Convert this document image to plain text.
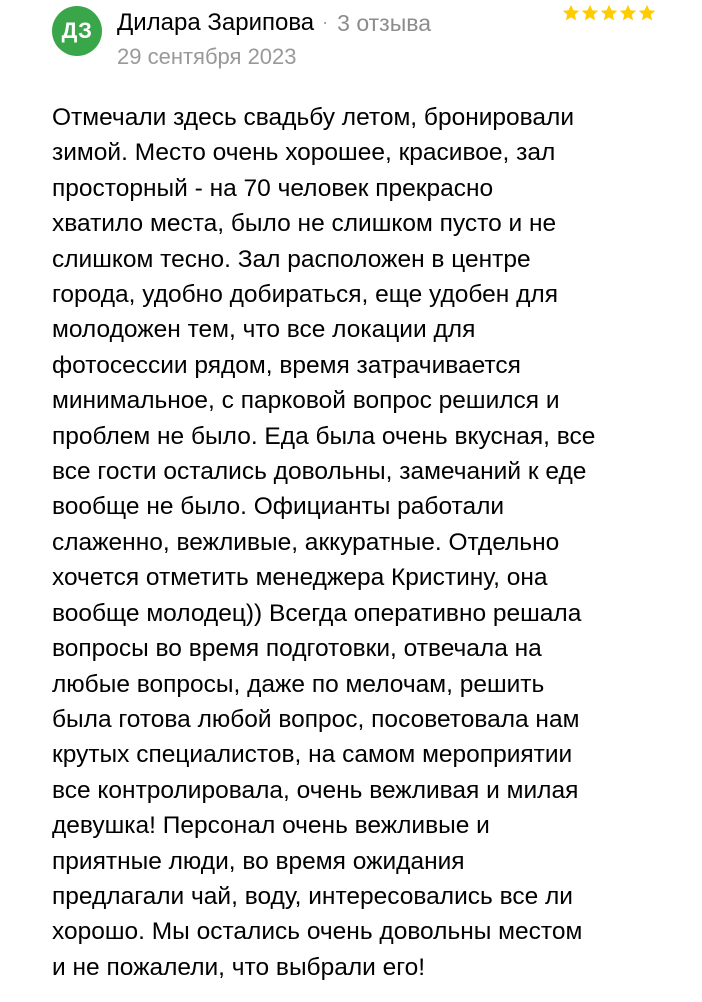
ДЗ	Дилара Зарипова · 3 отзыва
29 сентября 2023

Отмечали здесь свадьбу летом, бронировали
зимой. Место очень хорошее, красивое, зал
просторный - на 70 человек прекрасно
хватило места, было не слишком пусто и не
слишком тесно. Зал расположен в центре
города, удобно добираться, еще удобен для
молодожен тем, что все локации для
фотосессии рядом, время затрачивается
минимальное, с парковой вопрос решился и
проблем не было. Еда была очень вкусная, все
все гости остались довольны, замечаний к еде
вообще не было. Официанты работали
слаженно, вежливые, аккуратные. Отдельно
хочется отметить менеджера Кристину, она
вообще молодец)) Всегда оперативно решала
вопросы во время подготовки, отвечала на
любые вопросы, даже по мелочам, решить
была готова любой вопрос, посоветовала нам
крутых специалистов, на самом мероприятии
все контролировала, очень вежливая и милая
девушка! Персонал очень вежливые и
приятные люди, во время ожидания
предлагали чай, воду, интересовались все ли
хорошо. Мы остались очень довольны местом
и не пожалели, что выбрали его!
